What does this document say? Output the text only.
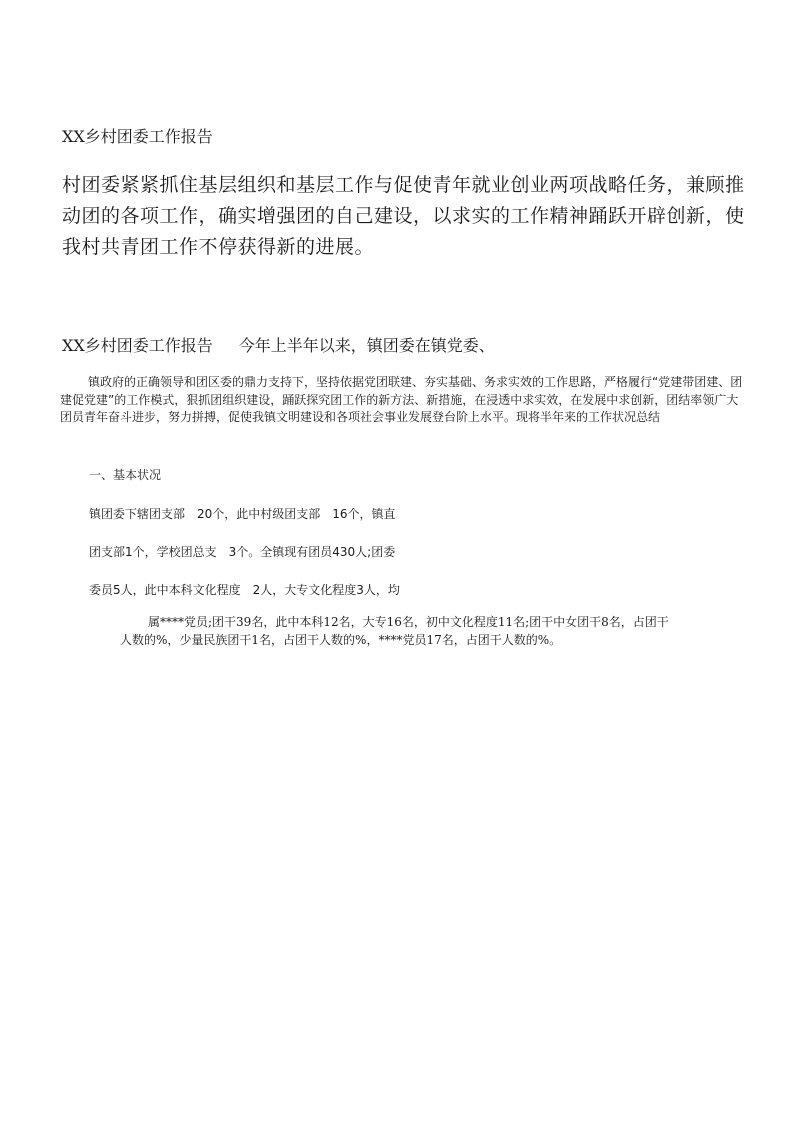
XX乡村团委工作报告
村团委紧紧抓住基层组织和基层工作与促使青年就业创业两项战略任务，兼顾推动团的各项工作，确实增强团的自己建设，以求实的工作精神踊跃开辟创新，使我村共青团工作不停获得新的进展。
XX乡村团委工作报告 今年上半年以来，镇团委在镇党委、
镇政府的正确领导和团区委的鼎力支持下，坚持依据党团联建、夯实基础、务求实效的工作思路，严格履行“党建带团建、团建促党建”的工作模式，狠抓团组织建设，踊跃探究团工作的新方法、新措施，在浸透中求实效，在发展中求创新，团结率领广大团员青年奋斗进步，努力拼搏，促使我镇文明建设和各项社会事业发展登台阶上水平。现将半年来的工作状况总结
一、基本状况
镇团委下辖团支部　20个，此中村级团支部　16个，镇直
团支部1个，学校团总支　3个。全镇现有团员430人;团委
委员5人，此中本科文化程度　2人，大专文化程度3人，均
属****党员;团干39名，此中本科12名，大专16名，初中文化程度11名;团干中女团干8名，占团干人数的%，少量民族团干1名，占团干人数的%，****党员17名，占团干人数的%。
